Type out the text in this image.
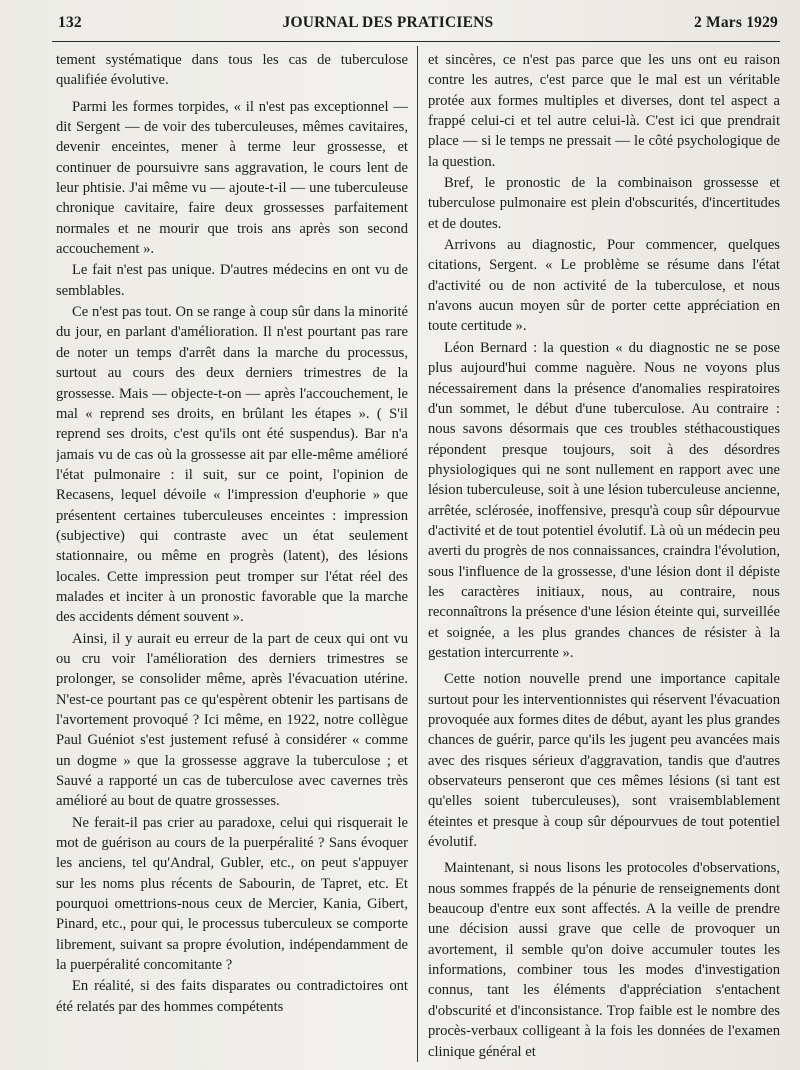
132	JOURNAL DES PRATICIENS	2 Mars 1929

tement systématique dans tous les cas de tuberculose qualifiée évolutive.

Parmi les formes torpides, « il n'est pas exceptionnel — dit Sergent — de voir des tuberculeuses, mêmes cavitaires, devenir enceintes, mener à terme leur grossesse, et continuer de poursuivre sans aggravation, le cours lent de leur phtisie. J'ai même vu — ajoute-t-il — une tuberculeuse chronique cavitaire, faire deux grossesses parfaitement normales et ne mourir que trois ans après son second accouchement ».

Le fait n'est pas unique. D'autres médecins en ont vu de semblables.

Ce n'est pas tout. On se range à coup sûr dans la minorité du jour, en parlant d'amélioration. Il n'est pourtant pas rare de noter un temps d'arrêt dans la marche du processus, surtout au cours des deux derniers trimestres de la grossesse. Mais — objecte-t-on — après l'accouchement, le mal « reprend ses droits, en brûlant les étapes ». ( S'il reprend ses droits, c'est qu'ils ont été suspendus). Bar n'a jamais vu de cas où la grossesse ait par elle-même amélioré l'état pulmonaire : il suit, sur ce point, l'opinion de Recasens, lequel dévoile « l'impression d'euphorie » que présentent certaines tuberculeuses enceintes : impression (subjective) qui contraste avec un état seulement stationnaire, ou même en progrès (latent), des lésions locales. Cette impression peut tromper sur l'état réel des malades et inciter à un pronostic favorable que la marche des accidents dément souvent ».

Ainsi, il y aurait eu erreur de la part de ceux qui ont vu ou cru voir l'amélioration des derniers trimestres se prolonger, se consolider même, après l'évacuation utérine. N'est-ce pourtant pas ce qu'espèrent obtenir les partisans de l'avortement provoqué ? Ici même, en 1922, notre collègue Paul Guéniot s'est justement refusé à considérer « comme un dogme » que la grossesse aggrave la tuberculose ; et Sauvé a rapporté un cas de tuberculose avec cavernes très amélioré au bout de quatre grossesses.

Ne ferait-il pas crier au paradoxe, celui qui risquerait le mot de guérison au cours de la puerpéralité ? Sans évoquer les anciens, tel qu'Andral, Gubler, etc., on peut s'appuyer sur les noms plus récents de Sabourin, de Tapret, etc. Et pourquoi omettrions-nous ceux de Mercier, Kania, Gibert, Pinard, etc., pour qui, le processus tuberculeux se comporte librement, suivant sa propre évolution, indépendamment de la puerpéralité concomitante ?

En réalité, si des faits disparates ou contradictoires ont été relatés par des hommes compétents

et sincères, ce n'est pas parce que les uns ont eu raison contre les autres, c'est parce que le mal est un véritable protée aux formes multiples et diverses, dont tel aspect a frappé celui-ci et tel autre celui-là. C'est ici que prendrait place — si le temps ne pressait — le côté psychologique de la question.

Bref, le pronostic de la combinaison grossesse et tuberculose pulmonaire est plein d'obscurités, d'incertitudes et de doutes.

Arrivons au diagnostic, Pour commencer, quelques citations, Sergent. « Le problème se résume dans l'état d'activité ou de non activité de la tuberculose, et nous n'avons aucun moyen sûr de porter cette appréciation en toute certitude ».

Léon Bernard : la question « du diagnostic ne se pose plus aujourd'hui comme naguère. Nous ne voyons plus nécessairement dans la présence d'anomalies respiratoires d'un sommet, le début d'une tuberculose. Au contraire : nous savons désormais que ces troubles stéthacoustiques répondent presque toujours, soit à des désordres physiologiques qui ne sont nullement en rapport avec une lésion tuberculeuse, soit à une lésion tuberculeuse ancienne, arrêtée, sclérosée, inoffensive, presqu'à coup sûr dépourvue d'activité et de tout potentiel évolutif. Là où un médecin peu averti du progrès de nos connaissances, craindra l'évolution, sous l'influence de la grossesse, d'une lésion dont il dépiste les caractères initiaux, nous, au contraire, nous reconnaîtrons la présence d'une lésion éteinte qui, surveillée et soignée, a les plus grandes chances de résister à la gestation intercurrente ».

Cette notion nouvelle prend une importance capitale surtout pour les interventionnistes qui réservent l'évacuation provoquée aux formes dites de début, ayant les plus grandes chances de guérir, parce qu'ils les jugent peu avancées mais avec des risques sérieux d'aggravation, tandis que d'autres observateurs penseront que ces mêmes lésions (si tant est qu'elles soient tuberculeuses), sont vraisemblablement éteintes et presque à coup sûr dépourvues de tout potentiel évolutif.

Maintenant, si nous lisons les protocoles d'observations, nous sommes frappés de la pénurie de renseignements dont beaucoup d'entre eux sont affectés. A la veille de prendre une décision aussi grave que celle de provoquer un avortement, il semble qu'on doive accumuler toutes les informations, combiner tous les modes d'investigation connus, tant les éléments d'appréciation s'entachent d'obscurité et d'inconsistance. Trop faible est le nombre des procès-verbaux colligeant à la fois les données de l'examen clinique général et
